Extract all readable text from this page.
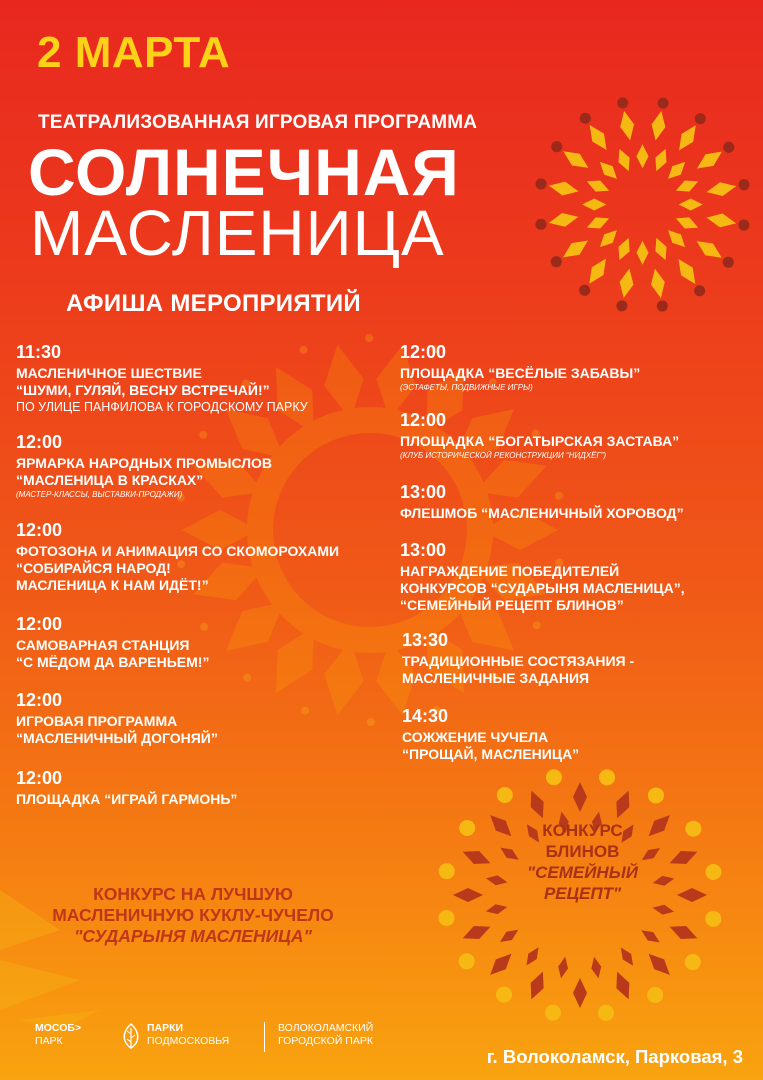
2 МАРТА
ТЕАТРАЛИЗОВАННАЯ ИГРОВАЯ ПРОГРАММА
СОЛНЕЧНАЯ
МАСЛЕНИЦА
АФИША МЕРОПРИЯТИЙ
11:30
МАСЛЕНИЧНОЕ ШЕСТВИЕ
“ШУМИ, ГУЛЯЙ, ВЕСНУ ВСТРЕЧАЙ!”
ПО УЛИЦЕ ПАНФИЛОВА К ГОРОДСКОМУ ПАРКУ
12:00
ЯРМАРКА НАРОДНЫХ ПРОМЫСЛОВ
“МАСЛЕНИЦА В КРАСКАХ”
(МАСТЕР-КЛАССЫ, ВЫСТАВКИ-ПРОДАЖИ)
12:00
ФОТОЗОНА И АНИМАЦИЯ СО СКОМОРОХАМИ
“СОБИРАЙСЯ НАРОД!
МАСЛЕНИЦА К НАМ ИДЁТ!”
12:00
САМОВАРНАЯ СТАНЦИЯ
“С МЁДОМ ДА ВАРЕНЬЕМ!”
12:00
ИГРОВАЯ ПРОГРАММА
“МАСЛЕНИЧНЫЙ ДОГОНЯЙ”
12:00
ПЛОЩАДКА “ИГРАЙ ГАРМОНЬ”
12:00
ПЛОЩАДКА “ВЕСЁЛЫЕ ЗАБАВЫ”
(ЭСТАФЕТЫ, ПОДВИЖНЫЕ ИГРЫ)
12:00
ПЛОЩАДКА “БОГАТЫРСКАЯ ЗАСТАВА”
(КЛУБ ИСТОРИЧЕСКОЙ РЕКОНСТРУКЦИИ “НИДХЁГ”)
13:00
ФЛЕШМОБ “МАСЛЕНИЧНЫЙ ХОРОВОД”
13:00
НАГРАЖДЕНИЕ ПОБЕДИТЕЛЕЙ
КОНКУРСОВ “СУДАРЫНЯ МАСЛЕНИЦА”,
“СЕМЕЙНЫЙ РЕЦЕПТ БЛИНОВ”
13:30
ТРАДИЦИОННЫЕ СОСТЯЗАНИЯ -
МАСЛЕНИЧНЫЕ ЗАДАНИЯ
14:30
СОЖЖЕНИЕ ЧУЧЕЛА
“ПРОЩАЙ, МАСЛЕНИЦА”
КОНКУРС НА ЛУЧШУЮ
МАСЛЕНИЧНУЮ КУКЛУ-ЧУЧЕЛО
"СУДАРЫНЯ МАСЛЕНИЦА"
КОНКУРС
БЛИНОВ
"СЕМЕЙНЫЙ
РЕЦЕПТ"
МОСОБ>
ПАРК
ПАРКИ
ПОДМОСКОВЬЯ
ВОЛОКОЛАМСКИЙ
ГОРОДСКОЙ ПАРК
г. Волоколамск, Парковая, 3
